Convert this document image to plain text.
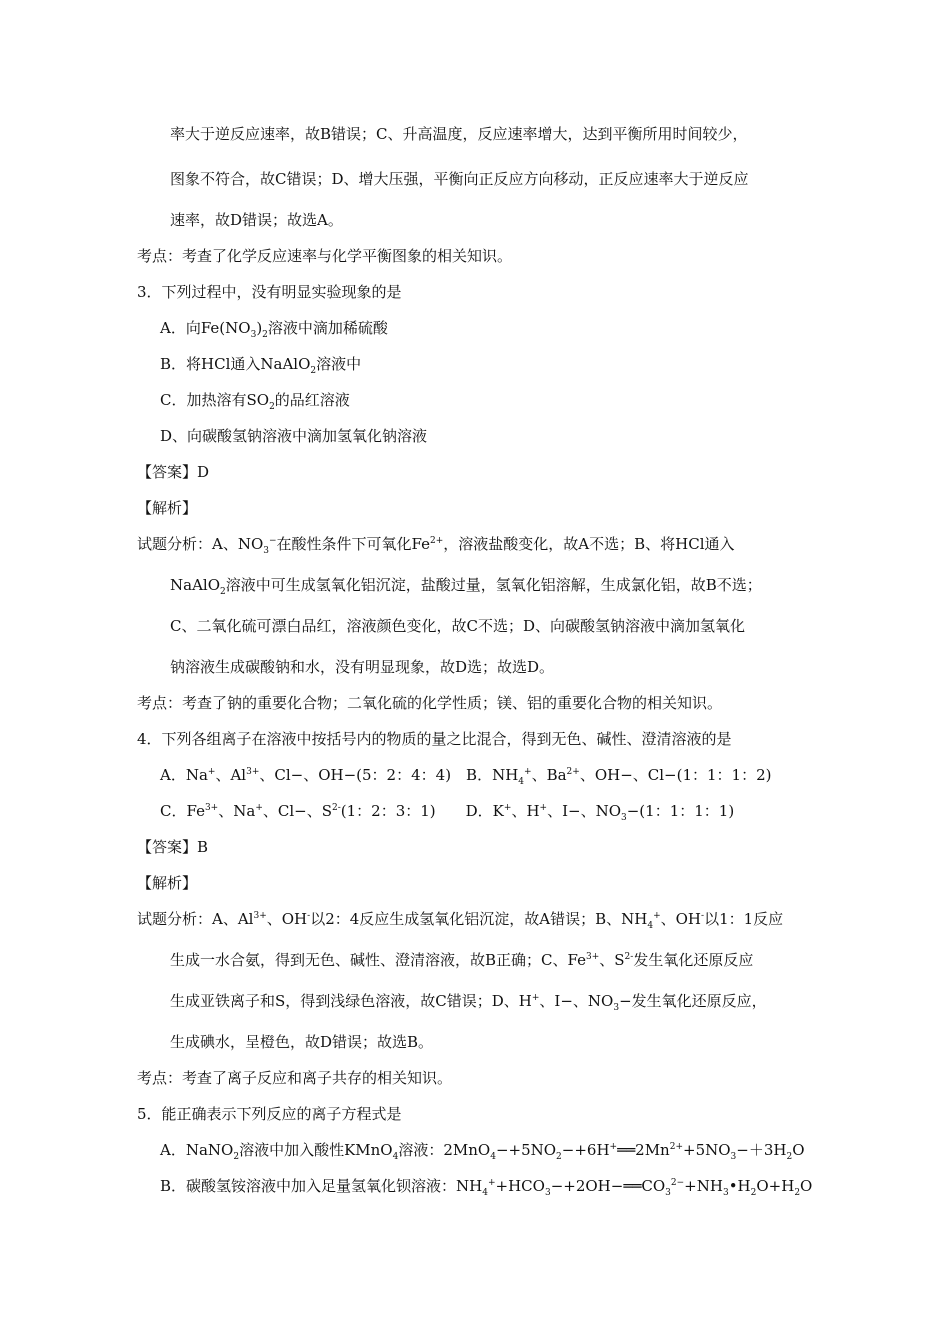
率大于逆反应速率，故B错误；C、升高温度，反应速率增大，达到平衡所用时间较少，
图象不符合，故C错误；D、增大压强，平衡向正反应方向移动，正反应速率大于逆反应
速率，故D错误；故选A。
考点：考查了化学反应速率与化学平衡图象的相关知识。
3．下列过程中，没有明显实验现象的是
A．向$Fe(NO_3)_2$溶液中滴加稀硫酸
B．将HCl通入NaAlO$_2$溶液中
C．加热溶有$SO_2$的品红溶液
D、向碳酸氢钠溶液中滴加氢氧化钠溶液
【答案】D
【解析】
试题分析：A、$NO_3^-$在酸性条件下可氧化$Fe^{2+}$，溶液盐酸变化，故A不选；B、将HCl通入
NaAlO$_2$溶液中可生成氢氧化铝沉淀，盐酸过量，氢氧化铝溶解，生成氯化铝，故B不选；
C、二氧化硫可漂白品红，溶液颜色变化，故C不选；D、向碳酸氢钠溶液中滴加氢氧化
钠溶液生成碳酸钠和水，没有明显现象，故D选；故选D。
考点：考查了钠的重要化合物；二氧化硫的化学性质；镁、铝的重要化合物的相关知识。
4．下列各组离子在溶液中按括号内的物质的量之比混合，得到无色、碱性、澄清溶液的是
A．Na+、$Al^{3+}$、Cl−、OH−(5：2：4：4)　B．$NH_4^+$、$Ba^{2+}$、OH−、Cl−(1：1：1：2)
C．$Fe^{3+}$、Na+、Cl−、$S^{2-}(1$：2：3：1)　　D．K+、H+、I−、$NO_3-(1$：1：1：1)
【答案】B
【解析】
试题分析：A、$Al^{3+}$、OH-以2：4反应生成氢氧化铝沉淀，故A错误；B、$NH_4^+$、OH-以1：1反应
生成一水合氨，得到无色、碱性、澄清溶液，故B正确；C、$Fe^{3+}$、$S^{2-}$发生氧化还原反应
生成亚铁离子和S，得到浅绿色溶液，故C错误；D、H+、I−、$NO_3-$发生氧化还原反应，
生成碘水，呈橙色，故D错误；故选B。
考点：考查了离子反应和离子共存的相关知识。
5．能正确表示下列反应的离子方程式是
A．NaNO$_2$溶液中加入酸性KMnO$_4$溶液：$2MnO_4-+5NO_2-+6H^+══2Mn^{2+}+5NO_3-+3H_2O$
B．碳酸氢铵溶液中加入足量氢氧化钡溶液：$NH_4^++HCO_3-+2OH-══CO_3^{2-}+NH_3•H_2O+H_2O$
